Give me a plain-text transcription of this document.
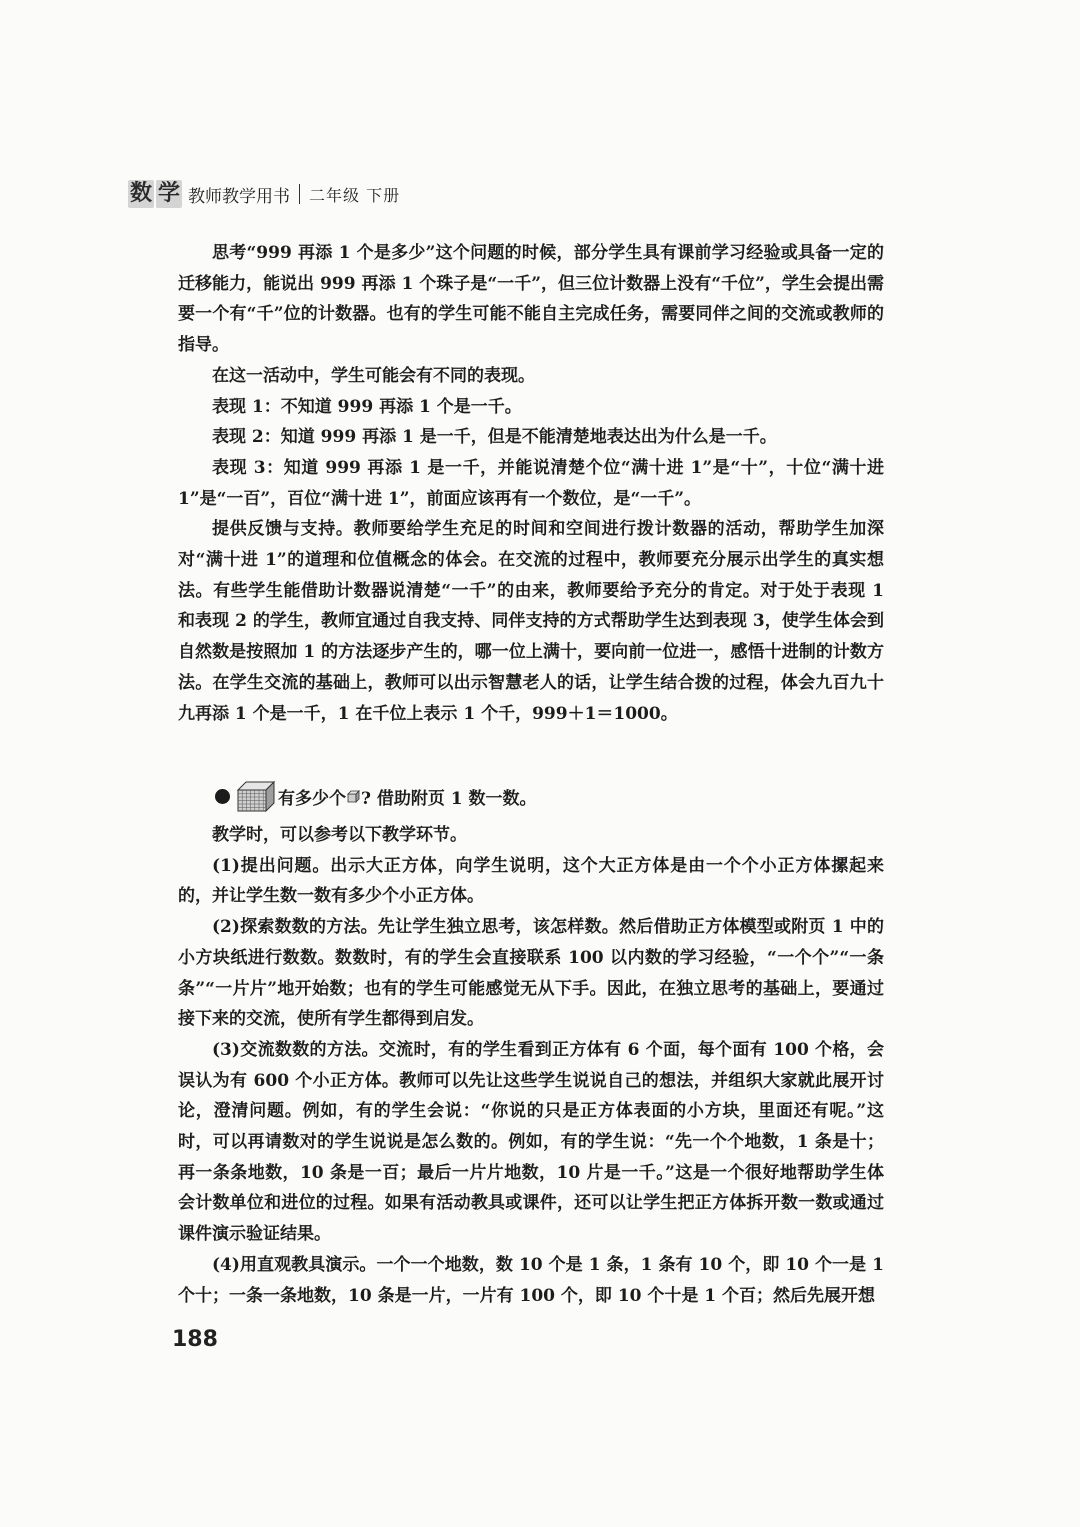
数 学 教师教学用书 二年级 下册

思考“999 再添 1 个是多少”这个问题的时候，部分学生具有课前学习经验或具备一定的迁移能力，能说出 999 再添 1 个珠子是“一千”，但三位计数器上没有“千位”，学生会提出需要一个有“千”位的计数器。也有的学生可能不能自主完成任务，需要同伴之间的交流或教师的指导。

在这一活动中，学生可能会有不同的表现。

表现 1：不知道 999 再添 1 个是一千。

表现 2：知道 999 再添 1 是一千，但是不能清楚地表达出为什么是一千。

表现 3：知道 999 再添 1 是一千，并能说清楚个位“满十进 1”是“十”，十位“满十进 1”是“一百”，百位“满十进 1”，前面应该再有一个数位，是“一千”。

提供反馈与支持。教师要给学生充足的时间和空间进行拨计数器的活动，帮助学生加深对“满十进 1”的道理和位值概念的体会。在交流的过程中，教师要充分展示出学生的真实想法。有些学生能借助计数器说清楚“一千”的由来，教师要给予充分的肯定。对于处于表现 1 和表现 2 的学生，教师宜通过自我支持、同伴支持的方式帮助学生达到表现 3，使学生体会到自然数是按照加 1 的方法逐步产生的，哪一位上满十，要向前一位进一，感悟十进制的计数方法。在学生交流的基础上，教师可以出示智慧老人的话，让学生结合拨的过程，体会九百九十九再添 1 个是一千，1 在千位上表示 1 个千，999＋1＝1000。

有多少个 ? 借助附页 1 数一数。

教学时，可以参考以下教学环节。

(1)提出问题。出示大正方体，向学生说明，这个大正方体是由一个个小正方体摞起来的，并让学生数一数有多少个小正方体。

(2)探索数数的方法。先让学生独立思考，该怎样数。然后借助正方体模型或附页 1 中的小方块纸进行数数。数数时，有的学生会直接联系 100 以内数的学习经验，“一个个”“一条条”“一片片”地开始数；也有的学生可能感觉无从下手。因此，在独立思考的基础上，要通过接下来的交流，使所有学生都得到启发。

(3)交流数数的方法。交流时，有的学生看到正方体有 6 个面，每个面有 100 个格，会误认为有 600 个小正方体。教师可以先让这些学生说说自己的想法，并组织大家就此展开讨论，澄清问题。例如，有的学生会说：“你说的只是正方体表面的小方块，里面还有呢。”这时，可以再请数对的学生说说是怎么数的。例如，有的学生说：“先一个个地数，1 条是十；再一条条地数，10 条是一百；最后一片片地数，10 片是一千。”这是一个很好地帮助学生体会计数单位和进位的过程。如果有活动教具或课件，还可以让学生把正方体拆开数一数或通过课件演示验证结果。

(4)用直观教具演示。一个一个地数，数 10 个是 1 条，1 条有 10 个，即 10 个一是 1 个十；一条一条地数，10 条是一片，一片有 100 个，即 10 个十是 1 个百；然后先展开想

188
